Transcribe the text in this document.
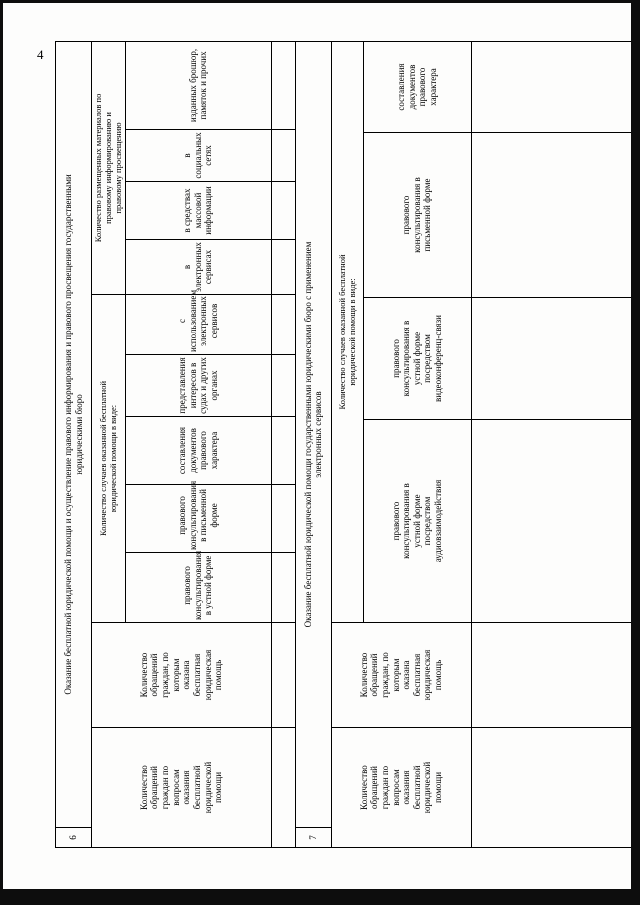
4
6	Оказание бесплатной юридической помощи и осуществление правового информирования и правового просвещения государственными юридическими бюро										
Количество обращений граждан по вопросам оказания бесплатной юридической помощи		Количество обращений граждан, по которым оказана бесплатная юридическая помощь	Количество случаев оказанной бесплатной юридической помощи в виде:					Количество размещенных материалов по правовому информированию и правовому просвещению			
			правового консультирования в устной форме	правового консультирования в письменной форме	составления документов правового характера	представления интересов в судах и других органах	с использованием электронных сервисов	в электронных сервисах	в средствах массовой информации	в социальных сетях	изданных брошюр, памяток и прочих

7	Оказание бесплатной юридической помощи государственными юридическими бюро с применением электронных сервисов					
Количество обращений граждан по вопросам оказания бесплатной юридической помощи		Количество обращений граждан, по которым оказана бесплатная юридическая помощь	Количество случаев оказанной бесплатной юридической помощи в виде:			
			правового консультирования в устной форме посредством аудиовзаимодействия	правового консультирования в устной форме посредством видеоконференц-связи	правового консультирования в письменной форме	составления документов правового характера
